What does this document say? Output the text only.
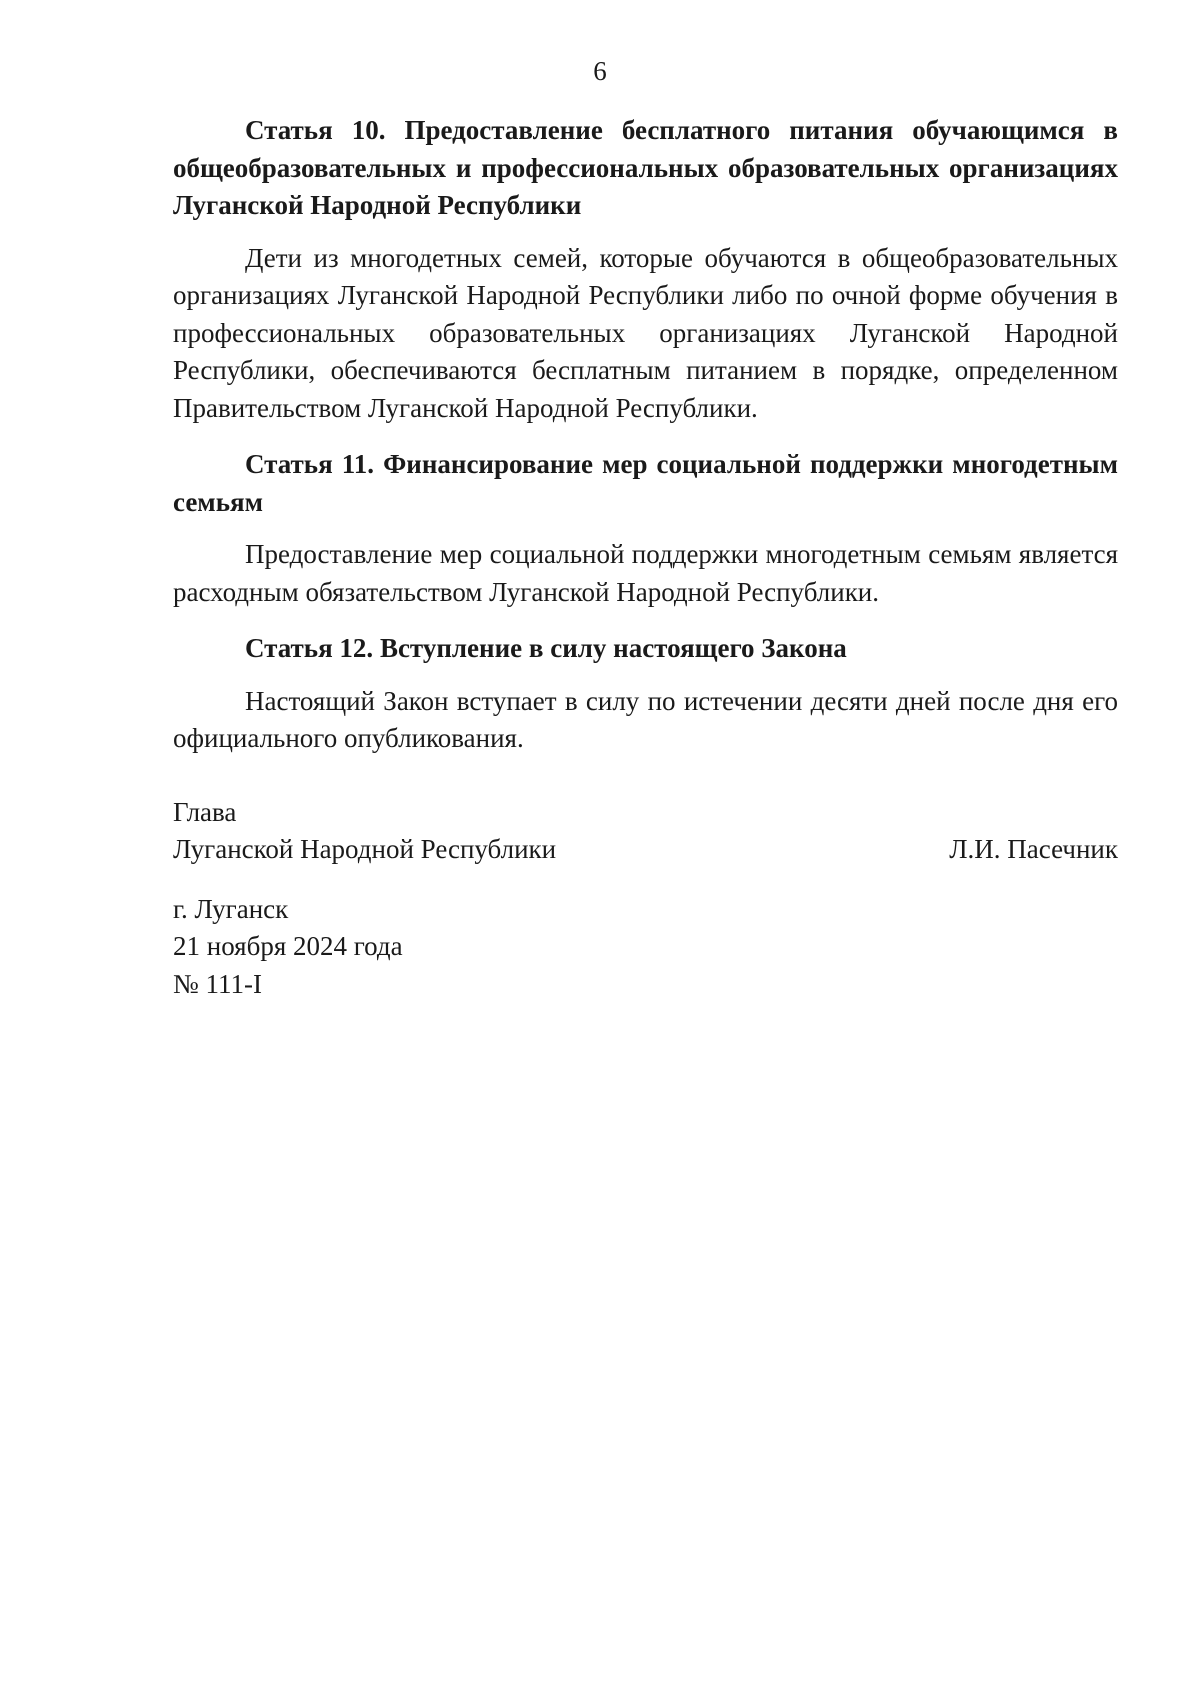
6

Статья 10. Предоставление бесплатного питания обучающимся в общеобразовательных и профессиональных образовательных организациях Луганской Народной Республики

Дети из многодетных семей, которые обучаются в общеобразовательных организациях Луганской Народной Республики либо по очной форме обучения в профессиональных образовательных организациях Луганской Народной Республики, обеспечиваются бесплатным питанием в порядке, определенном Правительством Луганской Народной Республики.

Статья 11. Финансирование мер социальной поддержки многодетным семьям

Предоставление мер социальной поддержки многодетным семьям является расходным обязательством Луганской Народной Республики.

Статья 12. Вступление в силу настоящего Закона

Настоящий Закон вступает в силу по истечении десяти дней после дня его официального опубликования.

Глава
Луганской Народной Республики	Л.И. Пасечник
г. Луганск
21 ноября 2024 года
№ 111-I
